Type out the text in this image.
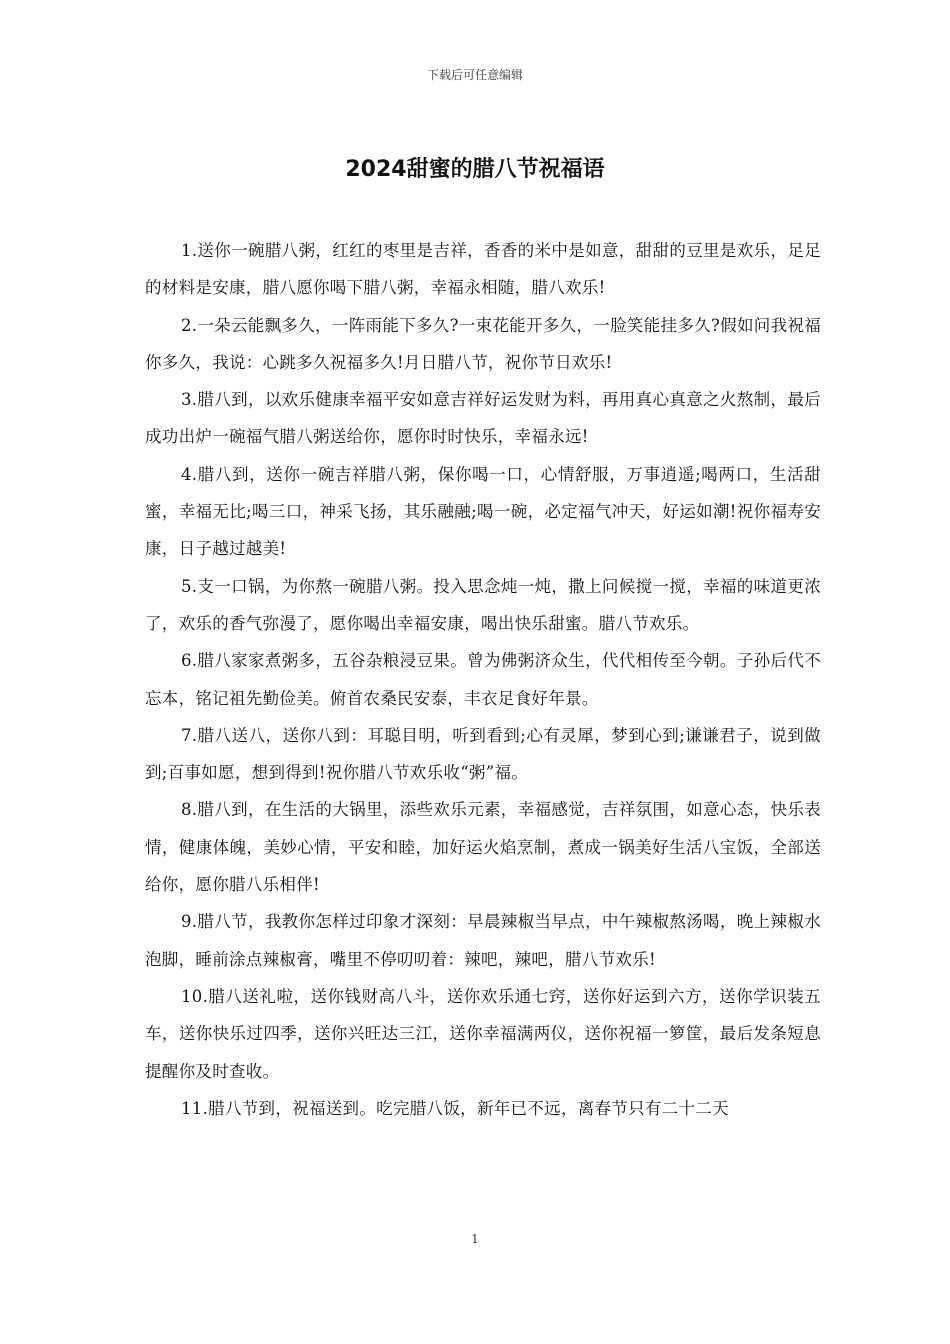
下载后可任意编辑
2024甜蜜的腊八节祝福语

1.送你一碗腊八粥，红红的枣里是吉祥，香香的米中是如意，甜甜的豆里是欢乐，足足的材料是安康，腊八愿你喝下腊八粥，幸福永相随，腊八欢乐!

2.一朵云能飘多久，一阵雨能下多久?一束花能开多久，一脸笑能挂多久?假如问我祝福你多久，我说：心跳多久祝福多久!月日腊八节，祝你节日欢乐!

3.腊八到，以欢乐健康幸福平安如意吉祥好运发财为料，再用真心真意之火熬制，最后成功出炉一碗福气腊八粥送给你，愿你时时快乐，幸福永远!

4.腊八到，送你一碗吉祥腊八粥，保你喝一口，心情舒服，万事逍遥;喝两口，生活甜蜜，幸福无比;喝三口，神采飞扬，其乐融融;喝一碗，必定福气冲天，好运如潮!祝你福寿安康，日子越过越美!

5.支一口锅，为你熬一碗腊八粥。投入思念炖一炖，撒上问候搅一搅，幸福的味道更浓了，欢乐的香气弥漫了，愿你喝出幸福安康，喝出快乐甜蜜。腊八节欢乐。

6.腊八家家煮粥多，五谷杂粮浸豆果。曾为佛粥济众生，代代相传至今朝。子孙后代不忘本，铭记祖先勤俭美。俯首农桑民安泰，丰衣足食好年景。

7.腊八送八，送你八到：耳聪目明，听到看到;心有灵犀，梦到心到;谦谦君子，说到做到;百事如愿，想到得到!祝你腊八节欢乐收“粥”福。

8.腊八到，在生活的大锅里，添些欢乐元素，幸福感觉，吉祥氛围，如意心态，快乐表情，健康体魄，美妙心情，平安和睦，加好运火焰烹制，煮成一锅美好生活八宝饭，全部送给你，愿你腊八乐相伴!

9.腊八节，我教你怎样过印象才深刻：早晨辣椒当早点，中午辣椒熬汤喝，晚上辣椒水泡脚，睡前涂点辣椒膏，嘴里不停叨叨着：辣吧，辣吧，腊八节欢乐!

10.腊八送礼啦，送你钱财高八斗，送你欢乐通七窍，送你好运到六方，送你学识装五车，送你快乐过四季，送你兴旺达三江，送你幸福满两仪，送你祝福一箩筐，最后发条短息提醒你及时查收。

11.腊八节到，祝福送到。吃完腊八饭，新年已不远，离春节只有二十二天

1
